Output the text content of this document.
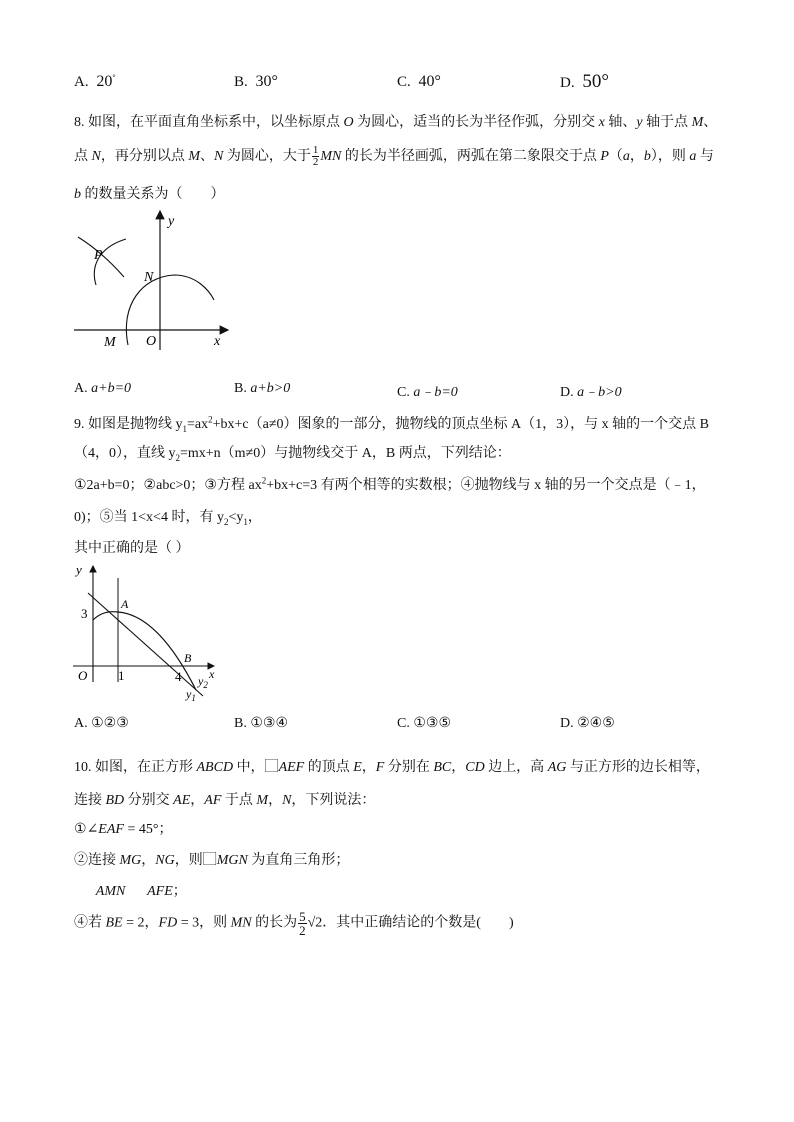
A. 20°	B. 30°	C. 40°	D. 50°
8. 如图，在平面直角坐标系中，以坐标原点 O 为圆心，适当的长为半径作弧，分别交 x 轴、y 轴于点 M、
点 N，再分别以点 M、N 为圆心，大于 $\frac{1}{2}$ MN 的长为半径画弧，两弧在第二象限交于点 P（a，b），则 a 与
b 的数量关系为（　　）
y
x
P
N
M O
A. a+b=0	B. a+b>0	C. a﹣b=0	D. a﹣b>0
9. 如图是抛物线 $y_1=ax^2+bx+c(a\ne 0)$图象的一部分，抛物线的顶点坐标 A（1，3），与 x 轴的一个交点 B
（4，0），直线 $y_2=mx+n(m\ne 0)$与抛物线交于 A，B 两点，下列结论：
①2a+b=0；②abc>0；③方程 $ax^2+bx+c=3$ 有两个相等的实数根；④抛物线与 x 轴的另一个交点是（﹣1，
0)；⑤当 1<x<4 时，有 $y_2<y_1$，
其中正确的是（ ）
y
x
3
A
B
O 1	4 $y_2$
$y_1$
A. ①②③	B. ①③④	C. ①③⑤	D. ②④⑤
10. 如图，在正方形 ABCD 中，AEF 的顶点 E，F 分别在 BC，CD 边上，高 AG 与正方形的边长相等，
连接 BD 分别交 AE，AF 于点 M，N，下列说法：
①∠EAF = 45°；
②连接 MG，NG，则MGN 为直角三角形；
③AMN∽AFE；
④若 BE = 2，FD = 3，则 MN 的长为 $\frac{5}{2} √2$．其中正确结论的个数是(　　)
